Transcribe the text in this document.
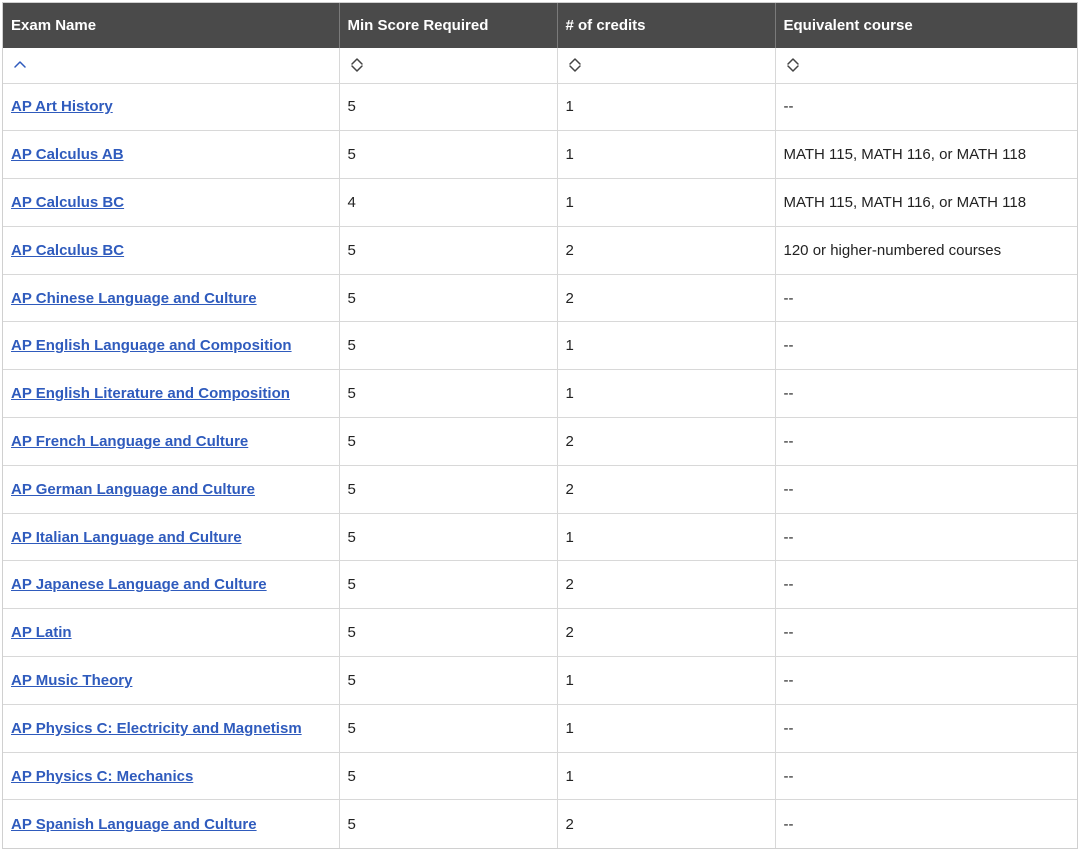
Exam Name	Min Score Required	# of credits	Equivalent course

AP Art History	5	1	--
AP Calculus AB	5	1	MATH 115, MATH 116, or MATH 118
AP Calculus BC	4	1	MATH 115, MATH 116, or MATH 118
AP Calculus BC	5	2	120 or higher-numbered courses
AP Chinese Language and Culture	5	2	--
AP English Language and Composition	5	1	--
AP English Literature and Composition	5	1	--
AP French Language and Culture	5	2	--
AP German Language and Culture	5	2	--
AP Italian Language and Culture	5	1	--
AP Japanese Language and Culture	5	2	--
AP Latin	5	2	--
AP Music Theory	5	1	--
AP Physics C: Electricity and Magnetism	5	1	--
AP Physics C: Mechanics	5	1	--
AP Spanish Language and Culture	5	2	--
